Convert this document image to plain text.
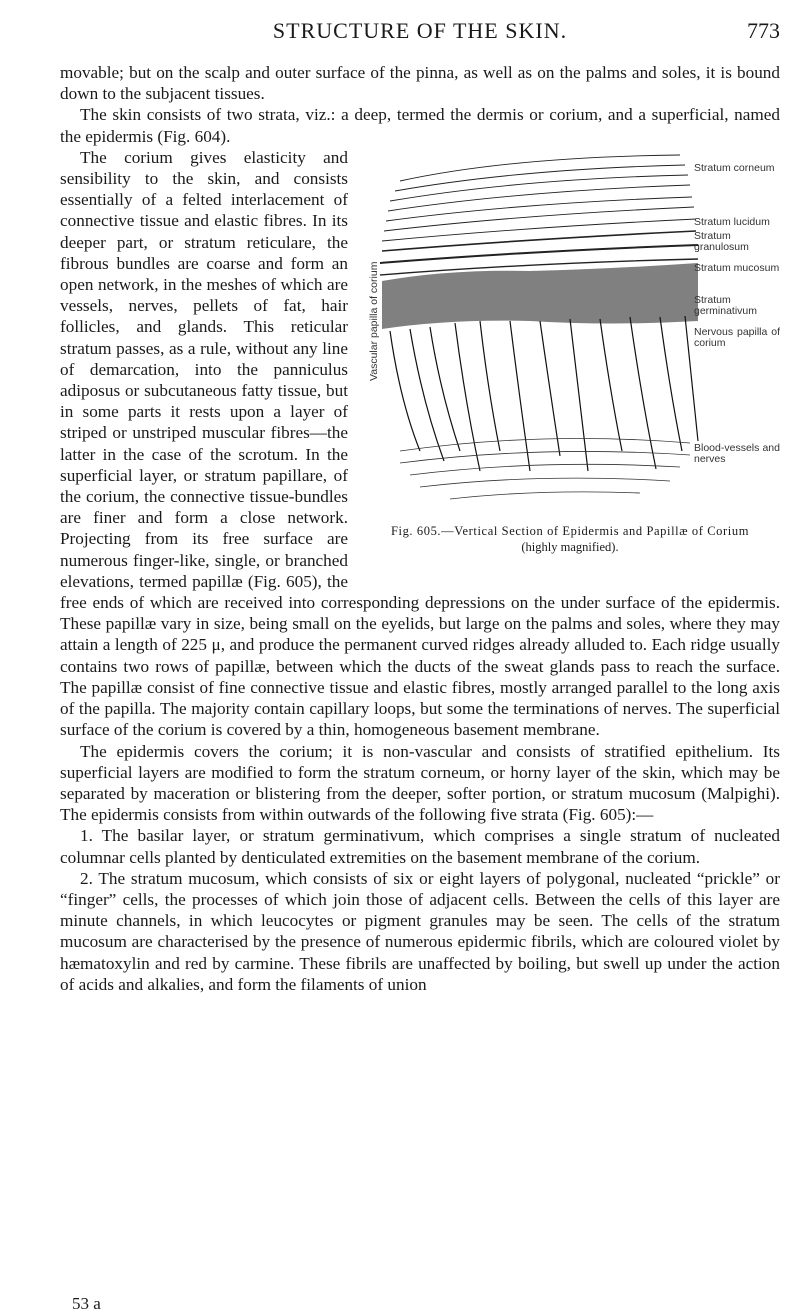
STRUCTURE OF THE SKIN.	773

movable; but on the scalp and outer surface of the pinna, as well as on the palms and soles, it is bound down to the subjacent tissues.

The skin consists of two strata, viz.: a deep, termed the dermis or corium, and a superficial, named the epidermis (Fig. 604).

Stratum corneum
Stratum lucidum
Stratum granulosum
Stratum mucosum
Stratum germinativum
Nervous papilla of corium
Blood-vessels and nerves
Vascular papilla of corium
Fig. 605.—Vertical Section of Epidermis and Papillæ of Corium
(highly magnified).

The corium gives elasticity and sensibility to the skin, and consists essentially of a felted interlacement of connective tissue and elastic fibres. In its deeper part, or stratum reticulare, the fibrous bundles are coarse and form an open network, in the meshes of which are vessels, nerves, pellets of fat, hair follicles, and glands. This reticular stratum passes, as a rule, without any line of demarcation, into the panniculus adiposus or subcutaneous fatty tissue, but in some parts it rests upon a layer of striped or unstriped muscular fibres—the latter in the case of the scrotum. In the superficial layer, or stratum papillare, of the corium, the connective tissue-bundles are finer and form a close network. Projecting from its free surface are numerous finger-like, single, or branched elevations, termed papillæ (Fig. 605), the free ends of which are received into corresponding depressions on the under surface of the epidermis. These papillæ vary in size, being small on the eyelids, but large on the palms and soles, where they may attain a length of 225 μ, and produce the permanent curved ridges already alluded to. Each ridge usually contains two rows of papillæ, between which the ducts of the sweat glands pass to reach the surface. The papillæ consist of fine connective tissue and elastic fibres, mostly arranged parallel to the long axis of the papilla. The majority contain capillary loops, but some the terminations of nerves. The superficial surface of the corium is covered by a thin, homogeneous basement membrane.

The epidermis covers the corium; it is non-vascular and consists of stratified epithelium. Its superficial layers are modified to form the stratum corneum, or horny layer of the skin, which may be separated by maceration or blistering from the deeper, softer portion, or stratum mucosum (Malpighi). The epidermis consists from within outwards of the following five strata (Fig. 605):—

1. The basilar layer, or stratum germinativum, which comprises a single stratum of nucleated columnar cells planted by denticulated extremities on the basement membrane of the corium.

2. The stratum mucosum, which consists of six or eight layers of polygonal, nucleated “prickle” or “finger” cells, the processes of which join those of adjacent cells. Between the cells of this layer are minute channels, in which leucocytes or pigment granules may be seen. The cells of the stratum mucosum are characterised by the presence of numerous epidermic fibrils, which are coloured violet by hæmatoxylin and red by carmine. These fibrils are unaffected by boiling, but swell up under the action of acids and alkalies, and form the filaments of union

53 a
